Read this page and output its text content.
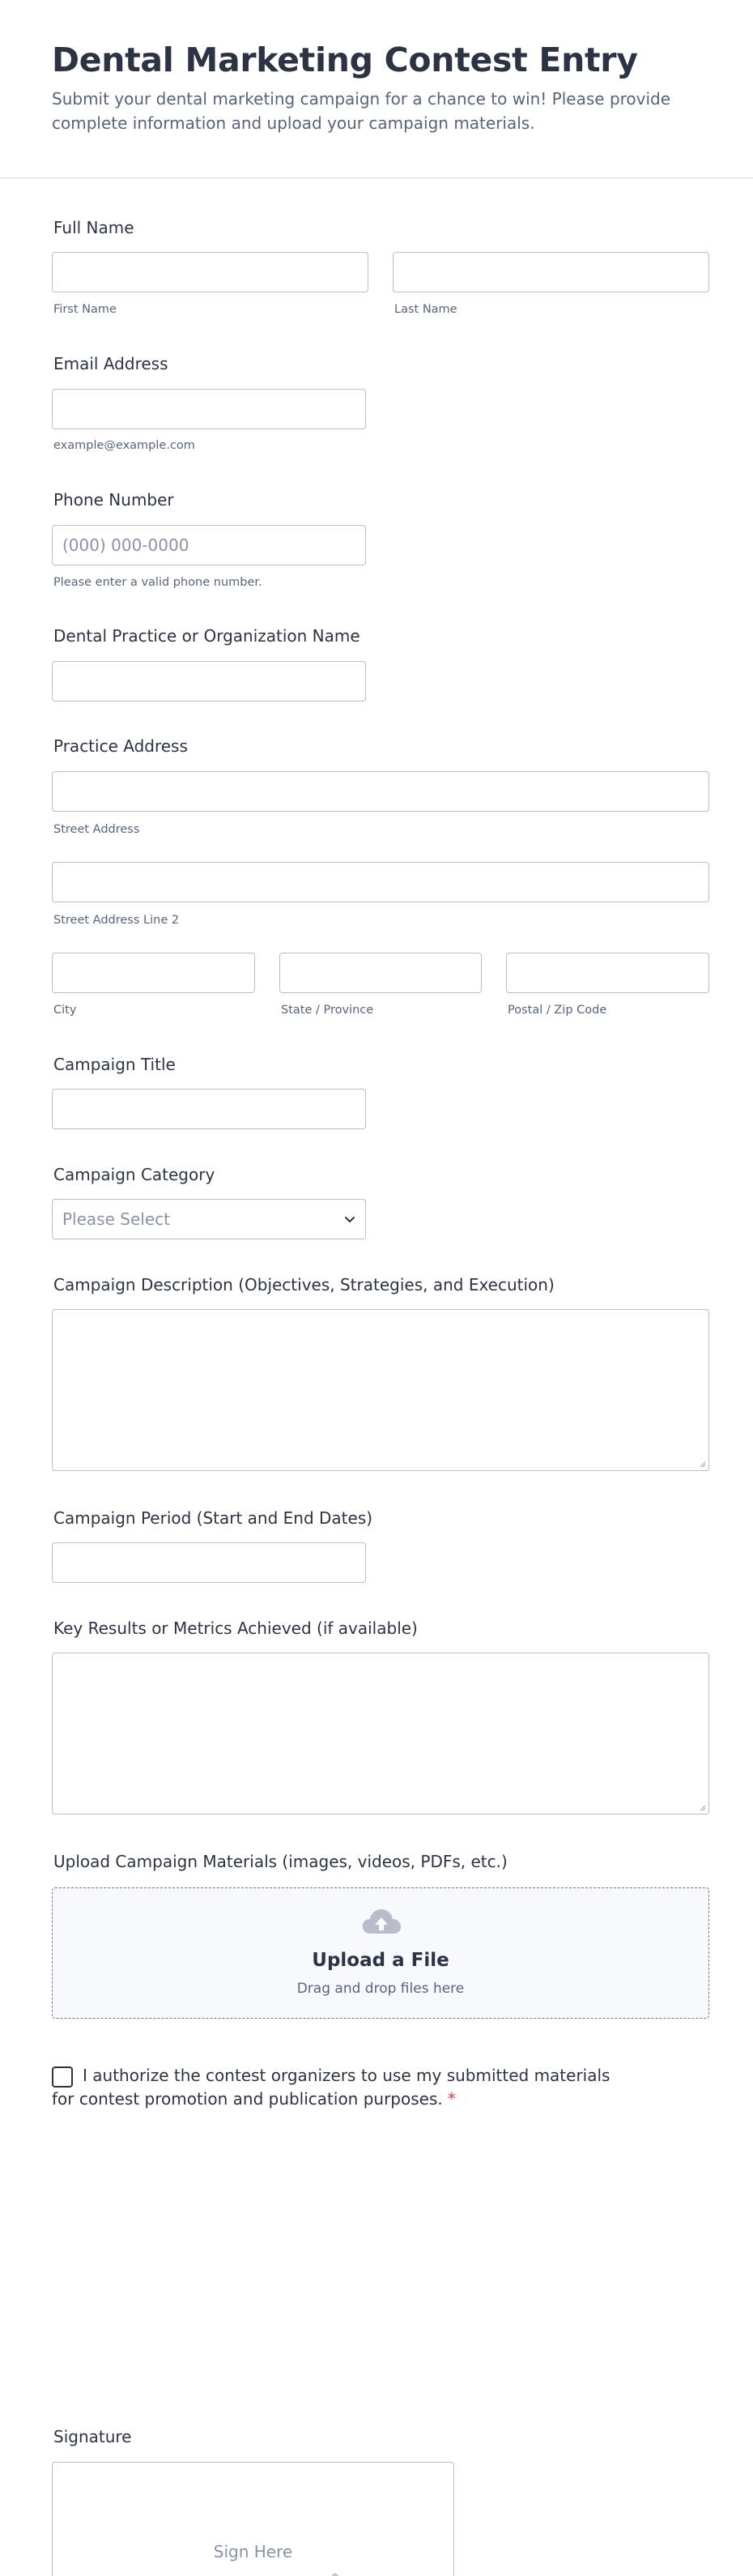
Dental Marketing Contest Entry
Submit your dental marketing campaign for a chance to win! Please provide complete information and upload your campaign materials.
Full Name
First Name	Last Name
Email Address
example@example.com
Phone Number
(000) 000-0000
Please enter a valid phone number.
Dental Practice or Organization Name
Practice Address
Street Address
Street Address Line 2
City	State / Province	Postal / Zip Code
Campaign Title
Campaign Category
Please Select
Campaign Description (Objectives, Strategies, and Execution)
Campaign Period (Start and End Dates)
Key Results or Metrics Achieved (if available)
Upload Campaign Materials (images, videos, PDFs, etc.)
Upload a File
Drag and drop files here
I authorize the contest organizers to use my submitted materials for contest promotion and publication purposes. *
Signature
Sign Here
